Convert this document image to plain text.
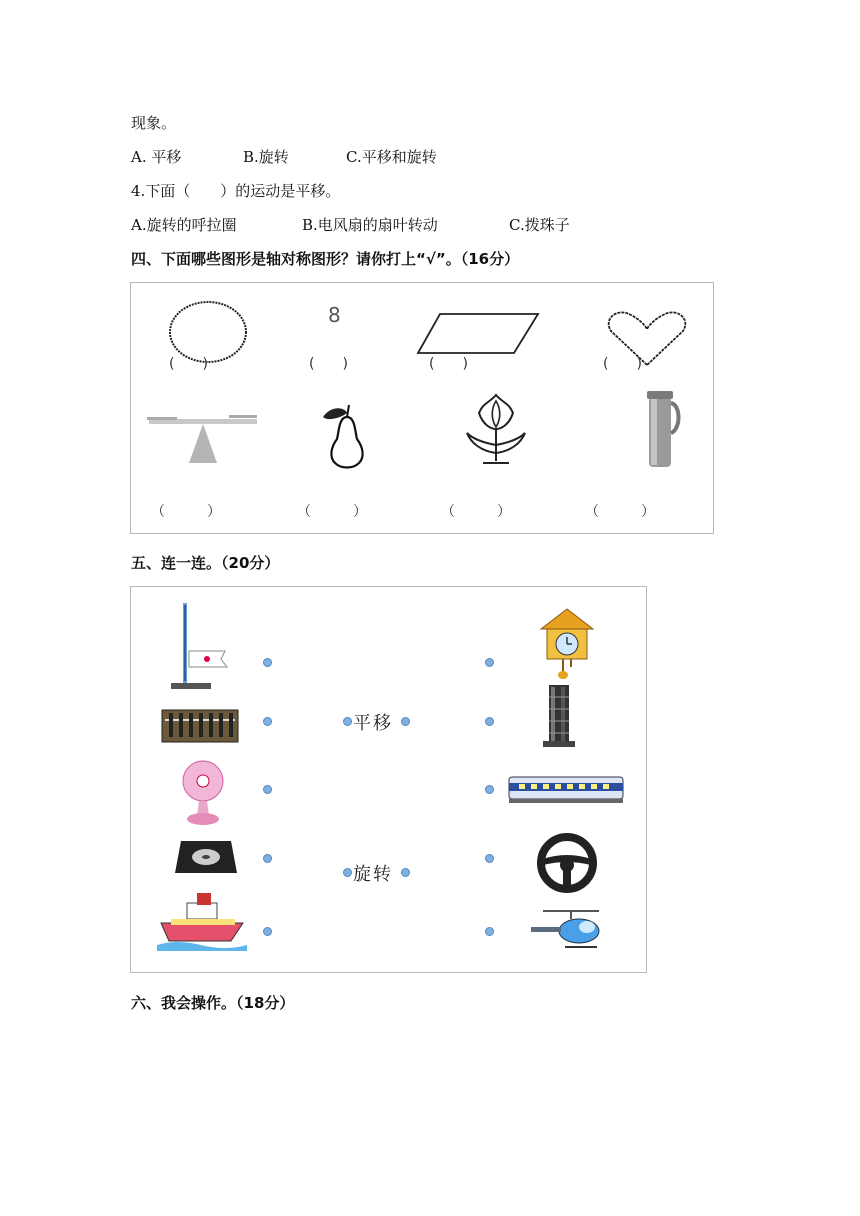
现象。
A. 平移	B.旋转	C.平移和旋转
4.下面（　　）的运动是平移。
A.旋转的呼拉圈	B.电风扇的扇叶转动	C.拨珠子
四、下面哪些图形是轴对称图形？请你打上“√”。（16分）
(　　)
8
(　　)	(　　)	(　　)
（　　　）	（　　　）	（　　　）	（　　　）
五、连一连。（20分）
平移
旋转
六、我会操作。（18分）
